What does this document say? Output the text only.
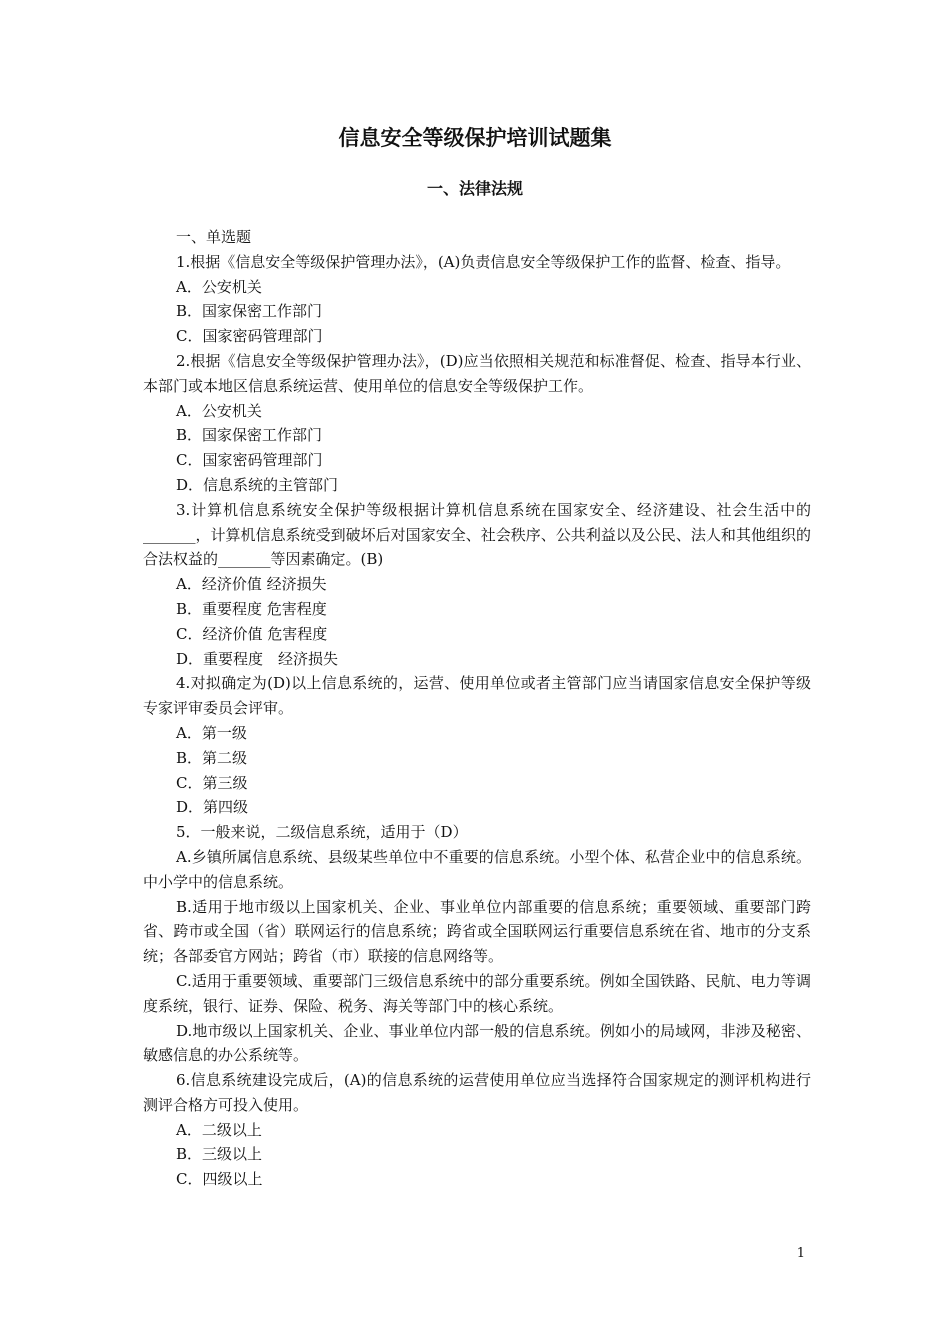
信息安全等级保护培训试题集
一、法律法规

一、单选题

1.根据《信息安全等级保护管理办法》，(A)负责信息安全等级保护工作的监督、检查、指导。

A．公安机关

B．国家保密工作部门

C．国家密码管理部门

2.根据《信息安全等级保护管理办法》，(D)应当依照相关规范和标准督促、检查、指导本行业、本部门或本地区信息系统运营、使用单位的信息安全等级保护工作。

A．公安机关

B．国家保密工作部门

C．国家密码管理部门

D．信息系统的主管部门

3.计算机信息系统安全保护等级根据计算机信息系统在国家安全、经济建设、社会生活中的_______，计算机信息系统受到破坏后对国家安全、社会秩序、公共利益以及公民、法人和其他组织的合法权益的_______等因素确定。(B)

A．经济价值 经济损失

B．重要程度 危害程度

C．经济价值 危害程度

D．重要程度　经济损失

4.对拟确定为(D)以上信息系统的，运营、使用单位或者主管部门应当请国家信息安全保护等级专家评审委员会评审。

A．第一级

B．第二级

C．第三级

D．第四级

5．一般来说，二级信息系统，适用于（D）

A.乡镇所属信息系统、县级某些单位中不重要的信息系统。小型个体、私营企业中的信息系统。中小学中的信息系统。

B.适用于地市级以上国家机关、企业、事业单位内部重要的信息系统；重要领域、重要部门跨省、跨市或全国（省）联网运行的信息系统；跨省或全国联网运行重要信息系统在省、地市的分支系统；各部委官方网站；跨省（市）联接的信息网络等。

C.适用于重要领域、重要部门三级信息系统中的部分重要系统。例如全国铁路、民航、电力等调度系统，银行、证券、保险、税务、海关等部门中的核心系统。

D.地市级以上国家机关、企业、事业单位内部一般的信息系统。例如小的局域网，非涉及秘密、敏感信息的办公系统等。

6.信息系统建设完成后，(A)的信息系统的运营使用单位应当选择符合国家规定的测评机构进行测评合格方可投入使用。

A．二级以上

B．三级以上

C．四级以上

1
